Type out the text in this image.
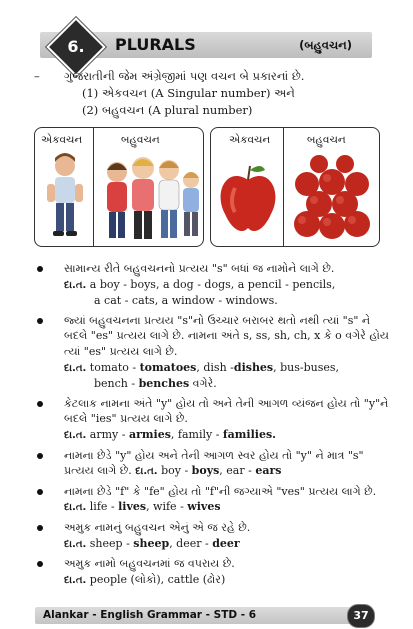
6.	PLURALS	(બહુવચન)
– ગુજરાતીની જેમ અંગ્રેજીમાં પણ વચન બે પ્રકારનાં છે.
(1) એકવચન (A Singular number) અને
(2) બહુવચન (A plural number)
એકવચન	બહુવચન	એકવચન	બહુવચન
સામાન્ય રીતે બહુવચનનો પ્રત્યય "s" બધાં જ નામોને લાગે છે.
દા.ત. a boy - boys, a dog - dogs, a pencil - pencils,
a cat - cats, a window - windows.
જ્યાં બહુવચનના પ્રત્યય "s"નો ઉચ્ચાર બરાબર થતો નથી ત્યાં "s" ને બદલે "es" પ્રત્યય લાગે છે. નામના અંતે s, ss, sh, ch, x કે o વગેરે હોય ત્યાં "es" પ્રત્યય લાગે છે.
દા.ત. tomato - tomatoes, dish -dishes, bus-buses,
bench - benches વગેરે.
કેટલાક નામના અંતે "y" હોય તો અને તેની આગળ વ્યંજન હોય તો "y"ને બદલે "ies" પ્રત્યય લાગે છે.
દા.ત. army - armies, family - families.
નામના છેડે "y" હોય અને તેની આગળ સ્વર હોય તો "y" ને માત્ર "s" પ્રત્યય લાગે છે. દા.ત. boy - boys, ear - ears
નામના છેડે "f" કે "fe" હોય તો "f"ની જગ્યાએ "ves" પ્રત્યય લાગે છે. દા.ત. life - lives, wife - wives
અમુક નામનું બહુવચન એનું એ જ રહે છે.
દા.ત. sheep - sheep, deer - deer
અમુક નામો બહુવચનમાં જ વપરાય છે.
દા.ત. people (લોકો), cattle (ઢોર)
Alankar - English Grammar - STD - 6	37
